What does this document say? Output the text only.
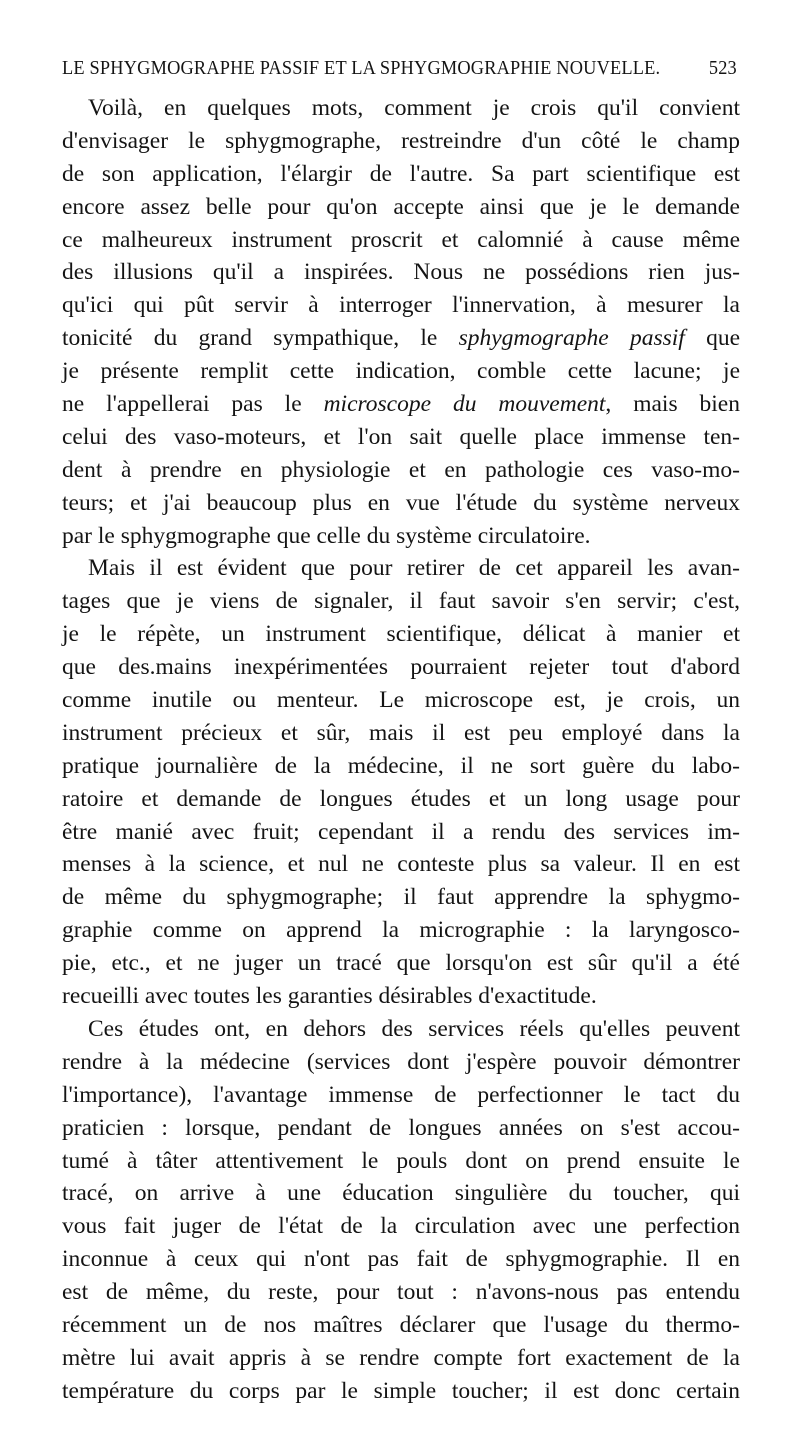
LE SPHYGMOGRAPHE PASSIF ET LA SPHYGMOGRAPHIE NOUVELLE. 523
Voilà, en quelques mots, comment je crois qu'il convient
d'envisager le sphygmographe, restreindre d'un côté le champ
de son application, l'élargir de l'autre. Sa part scientifique est
encore assez belle pour qu'on accepte ainsi que je le demande
ce malheureux instrument proscrit et calomnié à cause même
des illusions qu'il a inspirées. Nous ne possédions rien jus-
qu'ici qui pût servir à interroger l'innervation, à mesurer la
tonicité du grand sympathique, le sphygmographe passif que
je présente remplit cette indication, comble cette lacune; je
ne l'appellerai pas le microscope du mouvement, mais bien
celui des vaso-moteurs, et l'on sait quelle place immense ten-
dent à prendre en physiologie et en pathologie ces vaso-mo-
teurs; et j'ai beaucoup plus en vue l'étude du système nerveux
par le sphygmographe que celle du système circulatoire.
Mais il est évident que pour retirer de cet appareil les avan-
tages que je viens de signaler, il faut savoir s'en servir; c'est,
je le répète, un instrument scientifique, délicat à manier et
que des.mains inexpérimentées pourraient rejeter tout d'abord
comme inutile ou menteur. Le microscope est, je crois, un
instrument précieux et sûr, mais il est peu employé dans la
pratique journalière de la médecine, il ne sort guère du labo-
ratoire et demande de longues études et un long usage pour
être manié avec fruit; cependant il a rendu des services im-
menses à la science, et nul ne conteste plus sa valeur. Il en est
de même du sphygmographe; il faut apprendre la sphygmo-
graphie comme on apprend la micrographie : la laryngosco-
pie, etc., et ne juger un tracé que lorsqu'on est sûr qu'il a été
recueilli avec toutes les garanties désirables d'exactitude.
Ces études ont, en dehors des services réels qu'elles peuvent
rendre à la médecine (services dont j'espère pouvoir démontrer
l'importance), l'avantage immense de perfectionner le tact du
praticien : lorsque, pendant de longues années on s'est accou-
tumé à tâter attentivement le pouls dont on prend ensuite le
tracé, on arrive à une éducation singulière du toucher, qui
vous fait juger de l'état de la circulation avec une perfection
inconnue à ceux qui n'ont pas fait de sphygmographie. Il en
est de même, du reste, pour tout : n'avons-nous pas entendu
récemment un de nos maîtres déclarer que l'usage du thermo-
mètre lui avait appris à se rendre compte fort exactement de la
température du corps par le simple toucher; il est donc certain
